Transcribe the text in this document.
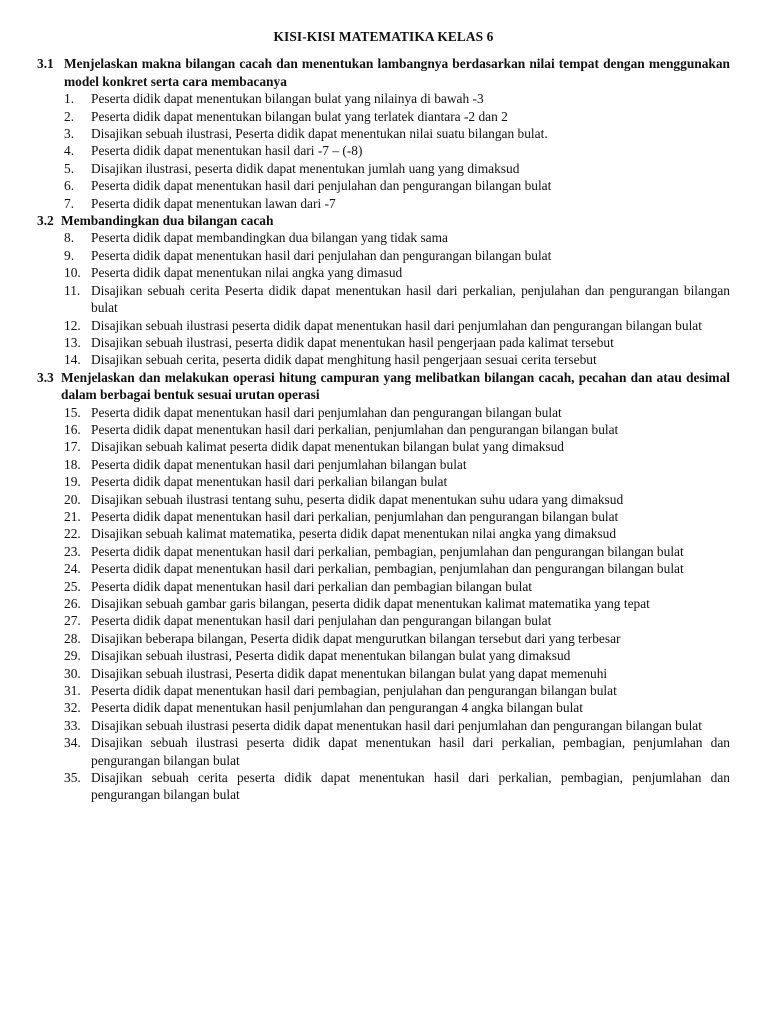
KISI-KISI MATEMATIKA KELAS 6
3.1 Menjelaskan makna bilangan cacah dan menentukan lambangnya berdasarkan nilai tempat dengan menggunakan model konkret serta cara membacanya
1.	Peserta didik dapat menentukan bilangan bulat yang nilainya di bawah -3
2.	Peserta didik dapat menentukan bilangan bulat yang terlatek diantara -2 dan 2
3.	Disajikan sebuah ilustrasi, Peserta didik dapat menentukan nilai suatu bilangan bulat.
4.	Peserta didik dapat menentukan hasil dari -7 – (-8)
5.	Disajikan ilustrasi, peserta didik dapat menentukan jumlah uang yang dimaksud
6.	Peserta didik dapat menentukan hasil dari penjulahan dan pengurangan bilangan bulat
7.	Peserta didik dapat menentukan lawan dari -7
3.2 Membandingkan dua bilangan cacah
8.	Peserta didik dapat membandingkan dua bilangan yang tidak sama
9.	Peserta didik dapat menentukan hasil dari penjulahan dan pengurangan bilangan bulat
10. Peserta didik dapat menentukan nilai angka yang dimasud
11. Disajikan sebuah cerita Peserta didik dapat menentukan hasil dari perkalian, penjulahan dan pengurangan bilangan bulat
12. Disajikan sebuah ilustrasi peserta didik dapat menentukan hasil dari penjumlahan dan pengurangan bilangan bulat
13. Disajikan sebuah ilustrasi, peserta didik dapat menentukan hasil pengerjaan pada kalimat tersebut
14. Disajikan sebuah cerita, peserta didik dapat menghitung hasil pengerjaan sesuai cerita tersebut
3.3 Menjelaskan dan melakukan operasi hitung campuran yang melibatkan bilangan cacah, pecahan dan atau desimal dalam berbagai bentuk sesuai urutan operasi
15. Peserta didik dapat menentukan hasil dari penjumlahan dan pengurangan bilangan bulat
16. Peserta didik dapat menentukan hasil dari perkalian, penjumlahan dan pengurangan bilangan bulat
17. Disajikan sebuah kalimat peserta didik dapat menentukan bilangan bulat yang dimaksud
18. Peserta didik dapat menentukan hasil dari penjumlahan bilangan bulat
19. Peserta didik dapat menentukan hasil dari perkalian bilangan bulat
20. Disajikan sebuah ilustrasi tentang suhu, peserta didik dapat menentukan suhu udara yang dimaksud
21. Peserta didik dapat menentukan hasil dari perkalian, penjumlahan dan pengurangan bilangan bulat
22. Disajikan sebuah kalimat matematika, peserta didik dapat menentukan nilai angka yang dimaksud
23. Peserta didik dapat menentukan hasil dari perkalian, pembagian, penjumlahan dan pengurangan bilangan bulat
24. Peserta didik dapat menentukan hasil dari perkalian, pembagian, penjumlahan dan pengurangan bilangan bulat
25. Peserta didik dapat menentukan hasil dari perkalian dan pembagian bilangan bulat
26. Disajikan sebuah gambar garis bilangan, peserta didik dapat menentukan kalimat matematika yang tepat
27. Peserta didik dapat menentukan hasil dari penjulahan dan pengurangan bilangan bulat
28. Disajikan beberapa bilangan, Peserta didik dapat mengurutkan bilangan tersebut dari yang terbesar
29. Disajikan sebuah ilustrasi, Peserta didik dapat menentukan bilangan bulat yang dimaksud
30. Disajikan sebuah ilustrasi, Peserta didik dapat menentukan bilangan bulat yang dapat memenuhi
31. Peserta didik dapat menentukan hasil dari pembagian, penjulahan dan pengurangan bilangan bulat
32. Peserta didik dapat menentukan hasil penjumlahan dan pengurangan 4 angka bilangan bulat
33. Disajikan sebuah ilustrasi peserta didik dapat menentukan hasil dari penjumlahan dan pengurangan bilangan bulat
34. Disajikan sebuah ilustrasi peserta didik dapat menentukan hasil dari perkalian, pembagian, penjumlahan dan pengurangan bilangan bulat
35. Disajikan sebuah cerita peserta didik dapat menentukan hasil dari perkalian, pembagian, penjumlahan dan pengurangan bilangan bulat
